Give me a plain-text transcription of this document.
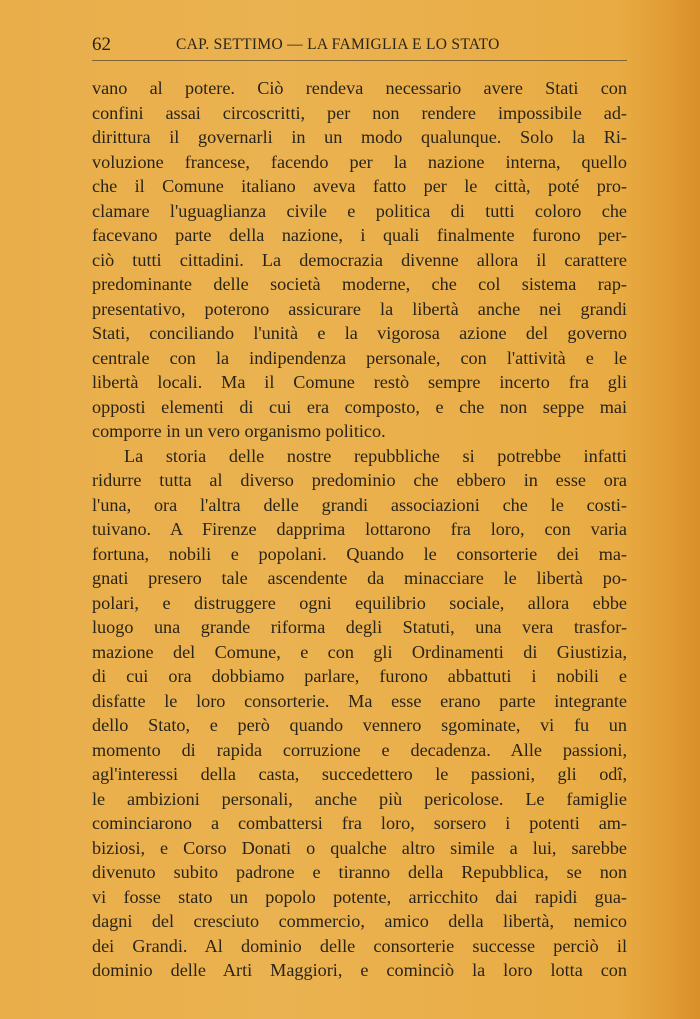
62	CAP. SETTIMO — LA FAMIGLIA E LO STATO
vano al potere. Ciò rendeva necessario avere Stati con
confini assai circoscritti, per non rendere impossibile ad-
dirittura il governarli in un modo qualunque. Solo la Ri-
voluzione francese, facendo per la nazione interna, quello
che il Comune italiano aveva fatto per le città, poté pro-
clamare l'uguaglianza civile e politica di tutti coloro che
facevano parte della nazione, i quali finalmente furono per-
ciò tutti cittadini. La democrazia divenne allora il carattere
predominante delle società moderne, che col sistema rap-
presentativo, poterono assicurare la libertà anche nei grandi
Stati, conciliando l'unità e la vigorosa azione del governo
centrale con la indipendenza personale, con l'attività e le
libertà locali. Ma il Comune restò sempre incerto fra gli
opposti elementi di cui era composto, e che non seppe mai
comporre in un vero organismo politico.
La storia delle nostre repubbliche si potrebbe infatti
ridurre tutta al diverso predominio che ebbero in esse ora
l'una, ora l'altra delle grandi associazioni che le costi-
tuivano. A Firenze dapprima lottarono fra loro, con varia
fortuna, nobili e popolani. Quando le consorterie dei ma-
gnati presero tale ascendente da minacciare le libertà po-
polari, e distruggere ogni equilibrio sociale, allora ebbe
luogo una grande riforma degli Statuti, una vera trasfor-
mazione del Comune, e con gli Ordinamenti di Giustizia,
di cui ora dobbiamo parlare, furono abbattuti i nobili e
disfatte le loro consorterie. Ma esse erano parte integrante
dello Stato, e però quando vennero sgominate, vi fu un
momento di rapida corruzione e decadenza. Alle passioni,
agl'interessi della casta, succedettero le passioni, gli odî,
le ambizioni personali, anche più pericolose. Le famiglie
cominciarono a combattersi fra loro, sorsero i potenti am-
biziosi, e Corso Donati o qualche altro simile a lui, sarebbe
divenuto subito padrone e tiranno della Repubblica, se non
vi fosse stato un popolo potente, arricchito dai rapidi gua-
dagni del cresciuto commercio, amico della libertà, nemico
dei Grandi. Al dominio delle consorterie successe perciò il
dominio delle Arti Maggiori, e cominciò la loro lotta con
